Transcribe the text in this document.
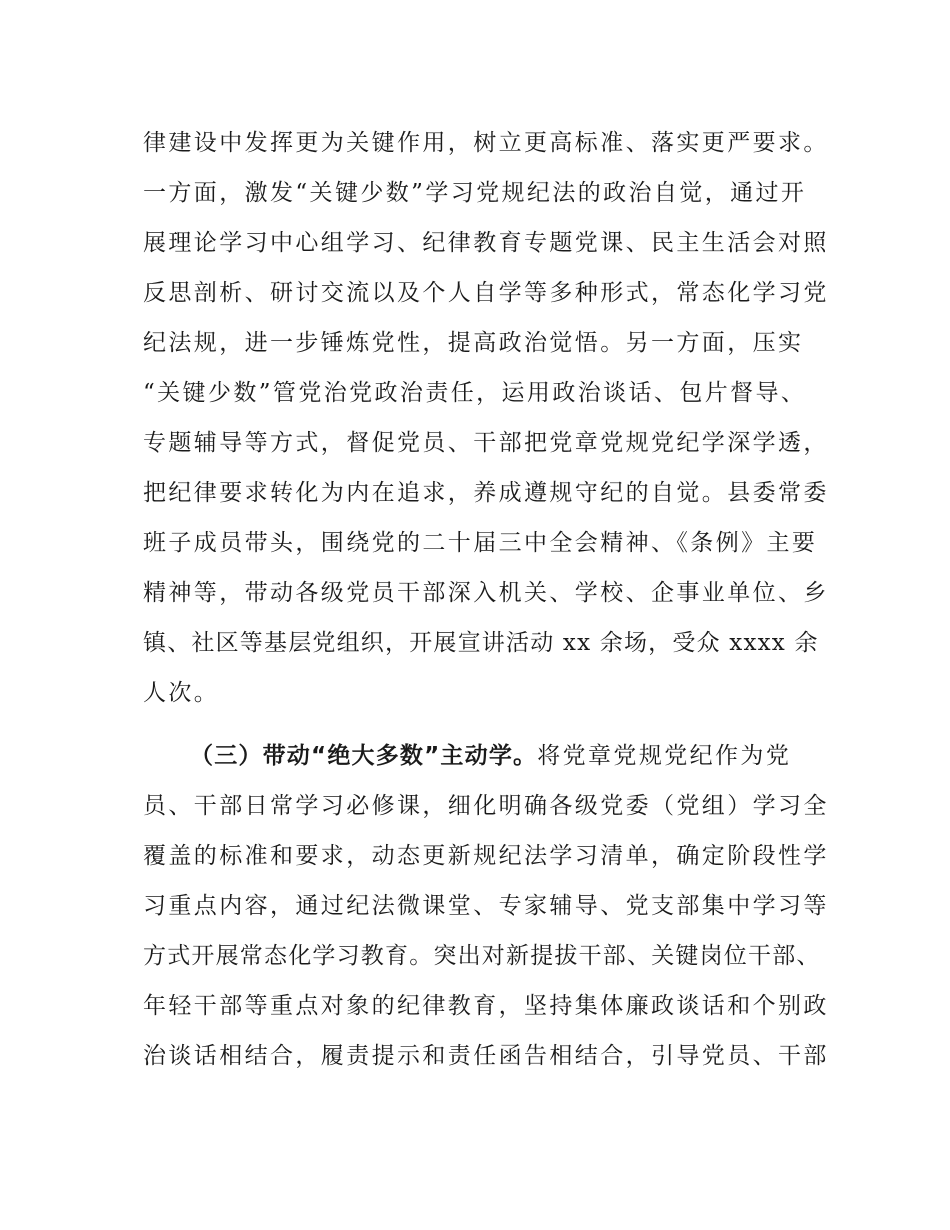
律建设中发挥更为关键作用，树立更高标准、落实更严要求。
一方面，激发“关键少数”学习党规纪法的政治自觉，通过开
展理论学习中心组学习、纪律教育专题党课、民主生活会对照
反思剖析、研讨交流以及个人自学等多种形式，常态化学习党
纪法规，进一步锤炼党性，提高政治觉悟。另一方面，压实
“关键少数”管党治党政治责任，运用政治谈话、包片督导、
专题辅导等方式，督促党员、干部把党章党规党纪学深学透，
把纪律要求转化为内在追求，养成遵规守纪的自觉。县委常委
班子成员带头，围绕党的二十届三中全会精神、《条例》主要
精神等，带动各级党员干部深入机关、学校、企事业单位、乡
镇、社区等基层党组织，开展宣讲活动 xx 余场，受众 xxxx 余
人次。
（三）带动“绝大多数”主动学。将党章党规党纪作为党
员、干部日常学习必修课，细化明确各级党委（党组）学习全
覆盖的标准和要求，动态更新规纪法学习清单，确定阶段性学
习重点内容，通过纪法微课堂、专家辅导、党支部集中学习等
方式开展常态化学习教育。突出对新提拔干部、关键岗位干部、
年轻干部等重点对象的纪律教育，坚持集体廉政谈话和个别政
治谈话相结合，履责提示和责任函告相结合，引导党员、干部
